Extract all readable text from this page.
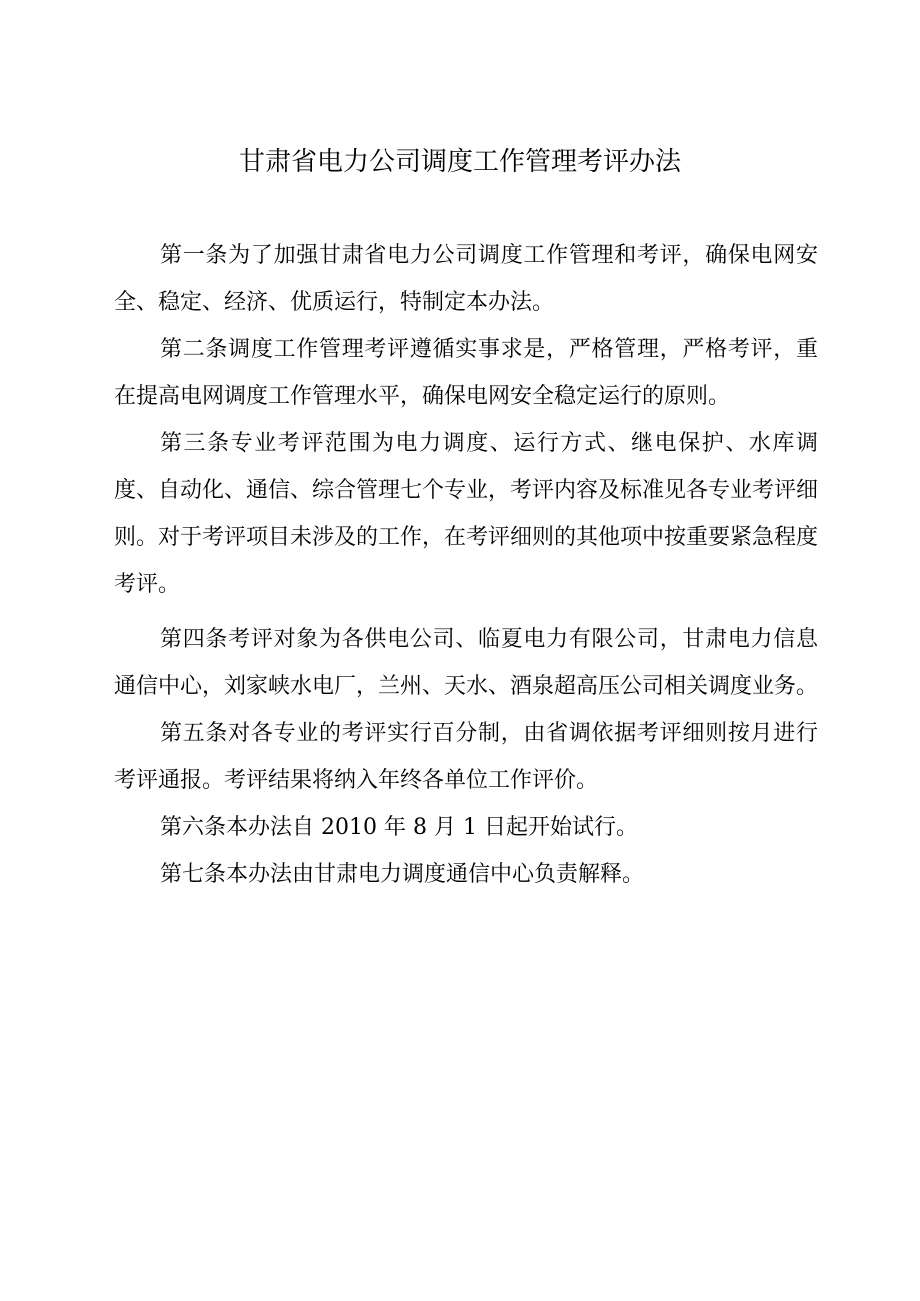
甘肃省电力公司调度工作管理考评办法

第一条为了加强甘肃省电力公司调度工作管理和考评，确保电网安全、稳定、经济、优质运行，特制定本办法。

第二条调度工作管理考评遵循实事求是，严格管理，严格考评，重在提高电网调度工作管理水平，确保电网安全稳定运行的原则。

第三条专业考评范围为电力调度、运行方式、继电保护、水库调度、自动化、通信、综合管理七个专业，考评内容及标准见各专业考评细则。对于考评项目未涉及的工作，在考评细则的其他项中按重要紧急程度考评。

第四条考评对象为各供电公司、临夏电力有限公司，甘肃电力信息通信中心，刘家峡水电厂，兰州、天水、酒泉超高压公司相关调度业务。

第五条对各专业的考评实行百分制，由省调依据考评细则按月进行考评通报。考评结果将纳入年终各单位工作评价。

第六条本办法自 2010 年 8 月 1 日起开始试行。

第七条本办法由甘肃电力调度通信中心负责解释。
